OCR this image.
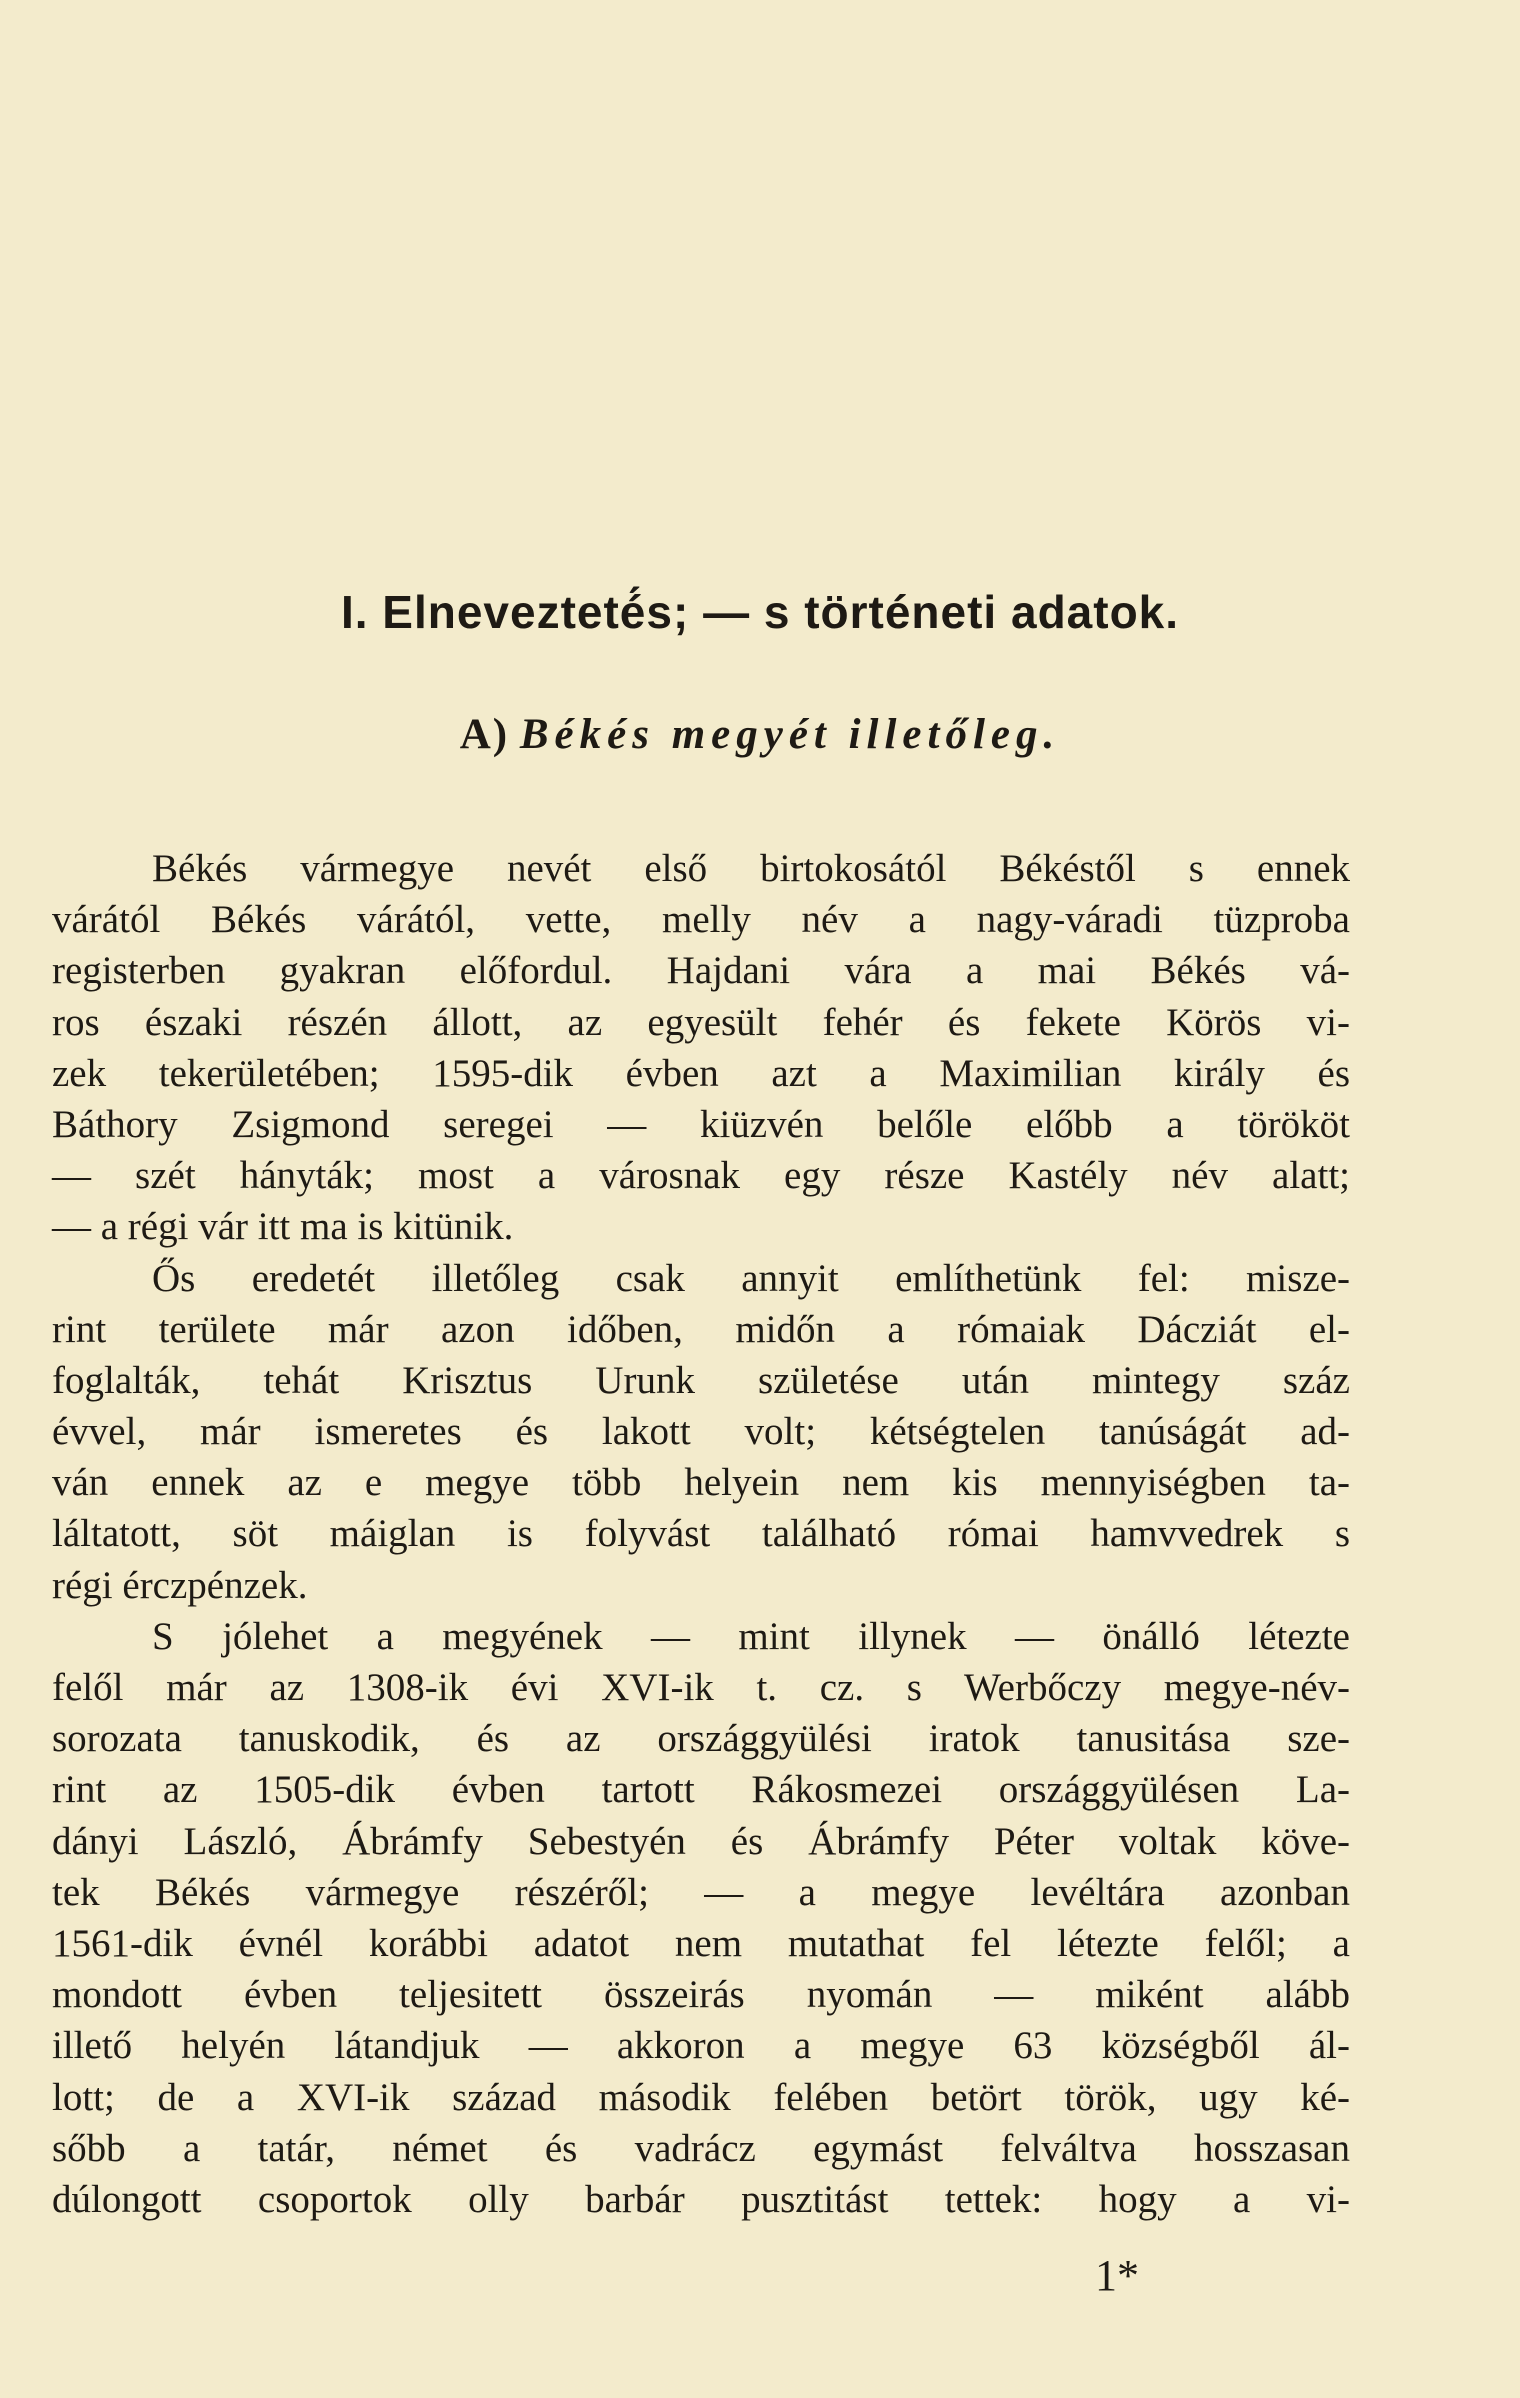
I. Elnevezteté́s; — s történeti adatok.
A) Békés megyét illetőleg.
Békés vármegye nevét első birtokosától Békéstől s ennek
várától Békés várától, vette, melly név a nagy-váradi tüzproba
registerben gyakran előfordul. Hajdani vára a mai Békés vá-
ros északi részén állott, az egyesült fehér és fekete Körös vi-
zek tekerületében; 1595-dik évben azt a Maximilian király és
Báthory Zsigmond seregei — kiüzvén belőle előbb a törököt
— szét hányták; most a városnak egy része Kastély név alatt;
— a régi vár itt ma is kitünik.
Ős eredetét illetőleg csak annyit említhetünk fel: misze-
rint területe már azon időben, midőn a rómaiak Dácziát el-
foglalták, tehát Krisztus Urunk születése után mintegy száz
évvel, már ismeretes és lakott volt; kétségtelen tanúságát ad-
ván ennek az e megye több helyein nem kis mennyiségben ta-
láltatott, söt máiglan is folyvást található római hamvvedrek s
régi érczpénzek.
S jólehet a megyének — mint illynek — önálló létezte
felől már az 1308-ik évi XVI-ik t. cz. s Werbőczy megye-név-
sorozata tanuskodik, és az országgyülési iratok tanusitása sze-
rint az 1505-dik évben tartott Rákosmezei országgyülésen La-
dányi László, Ábrámfy Sebestyén és Ábrámfy Péter voltak köve-
tek Békés vármegye részéről; — a megye levéltára azonban
1561-dik évnél korábbi adatot nem mutathat fel létezte felől; a
mondott évben teljesitett összeirás nyomán — miként alább
illető helyén látandjuk — akkoron a megye 63 községből ál-
lott; de a XVI-ik század második felében betört török, ugy ké-
sőbb a tatár, német és vadrácz egymást felváltva hosszasan
dúlongott csoportok olly barbár pusztitást tettek: hogy a vi-
1*
